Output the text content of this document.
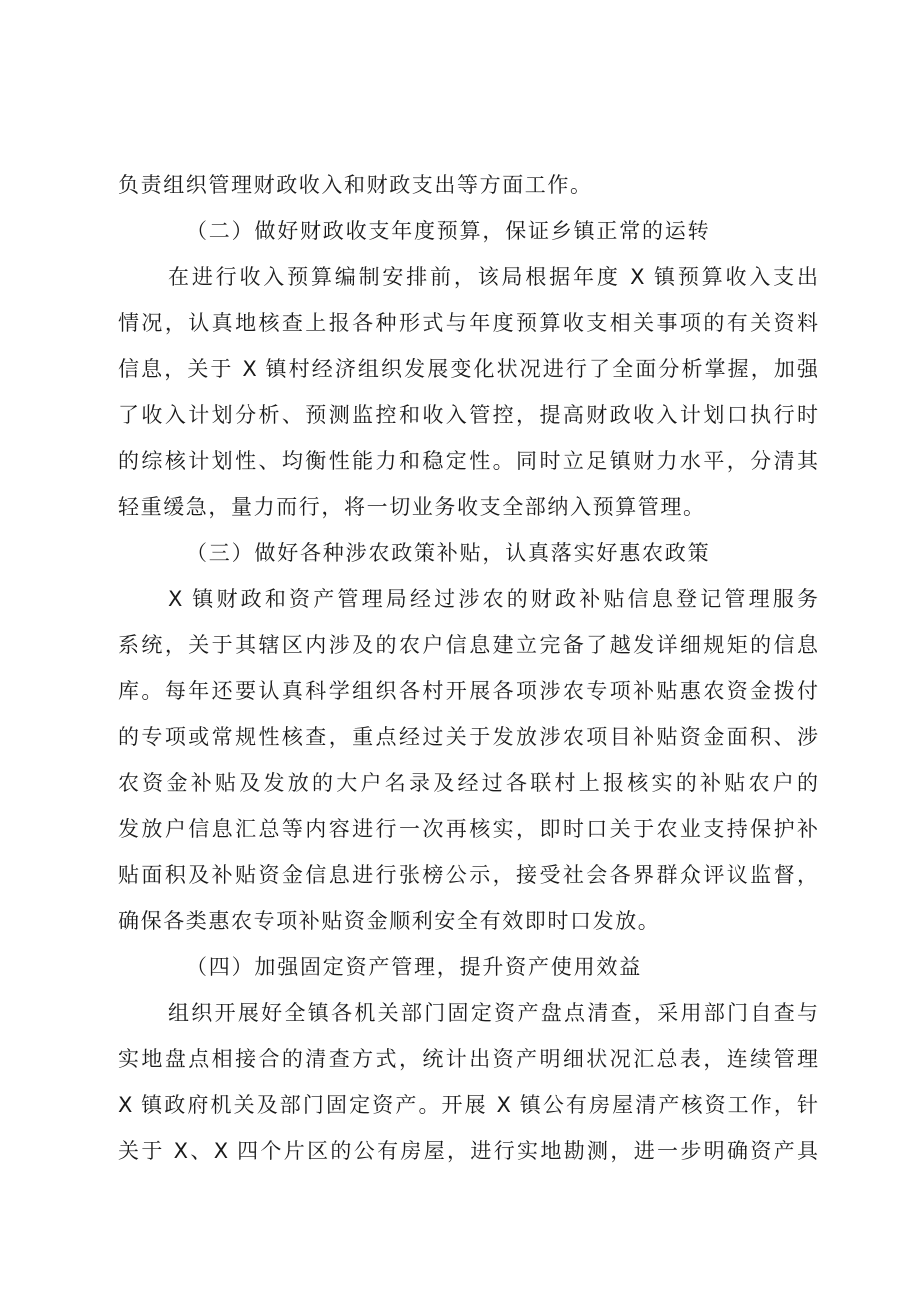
负责组织管理财政收入和财政支出等方面工作。
（二）做好财政收支年度预算，保证乡镇正常的运转
在进行收入预算编制安排前，该局根据年度 X 镇预算收入支出
情况，认真地核查上报各种形式与年度预算收支相关事项的有关资料
信息，关于 X 镇村经济组织发展变化状况进行了全面分析掌握，加强
了收入计划分析、预测监控和收入管控，提高财政收入计划口执行时
的综核计划性、均衡性能力和稳定性。同时立足镇财力水平，分清其
轻重缓急，量力而行，将一切业务收支全部纳入预算管理。
（三）做好各种涉农政策补贴，认真落实好惠农政策
X 镇财政和资产管理局经过涉农的财政补贴信息登记管理服务
系统，关于其辖区内涉及的农户信息建立完备了越发详细规矩的信息
库。每年还要认真科学组织各村开展各项涉农专项补贴惠农资金拨付
的专项或常规性核查，重点经过关于发放涉农项目补贴资金面积、涉
农资金补贴及发放的大户名录及经过各联村上报核实的补贴农户的
发放户信息汇总等内容进行一次再核实，即时口关于农业支持保护补
贴面积及补贴资金信息进行张榜公示，接受社会各界群众评议监督，
确保各类惠农专项补贴资金顺利安全有效即时口发放。
（四）加强固定资产管理，提升资产使用效益
组织开展好全镇各机关部门固定资产盘点清查，采用部门自查与
实地盘点相接合的清查方式，统计出资产明细状况汇总表，连续管理
X 镇政府机关及部门固定资产。开展 X 镇公有房屋清产核资工作，针
关于 X、X 四个片区的公有房屋，进行实地勘测，进一步明确资产具
